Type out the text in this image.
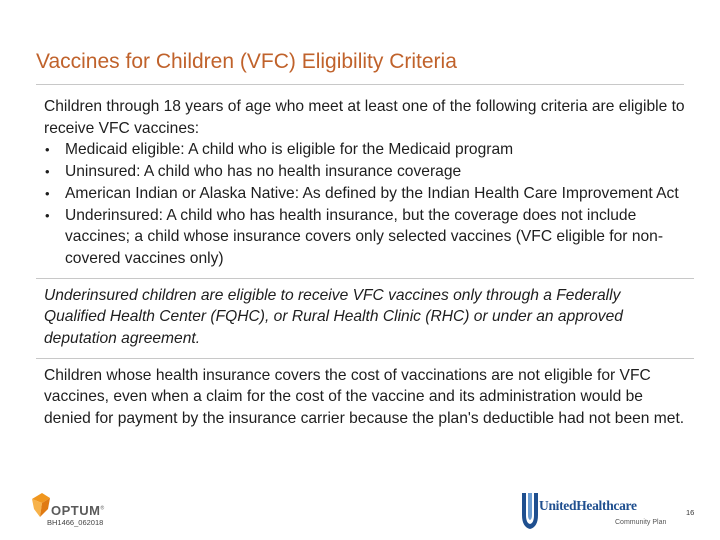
Vaccines for Children (VFC) Eligibility Criteria

Children through 18 years of age who meet at least one of the following criteria are eligible to receive VFC vaccines:

• Medicaid eligible: A child who is eligible for the Medicaid program
• Uninsured: A child who has no health insurance coverage
• American Indian or Alaska Native: As defined by the Indian Health Care Improvement Act
• Underinsured: A child who has health insurance, but the coverage does not include vaccines; a child whose insurance covers only selected vaccines (VFC eligible for non-covered vaccines only)

Underinsured children are eligible to receive VFC vaccines only through a Federally Qualified Health Center (FQHC), or Rural Health Clinic (RHC) or under an approved deputation agreement.

Children whose health insurance covers the cost of vaccinations are not eligible for VFC vaccines, even when a claim for the cost of the vaccine and its administration would be denied for payment by the insurance carrier because the plan's deductible had not been met.

OPTUM®
BH1466_062018
UnitedHealthcare
Community Plan
16
